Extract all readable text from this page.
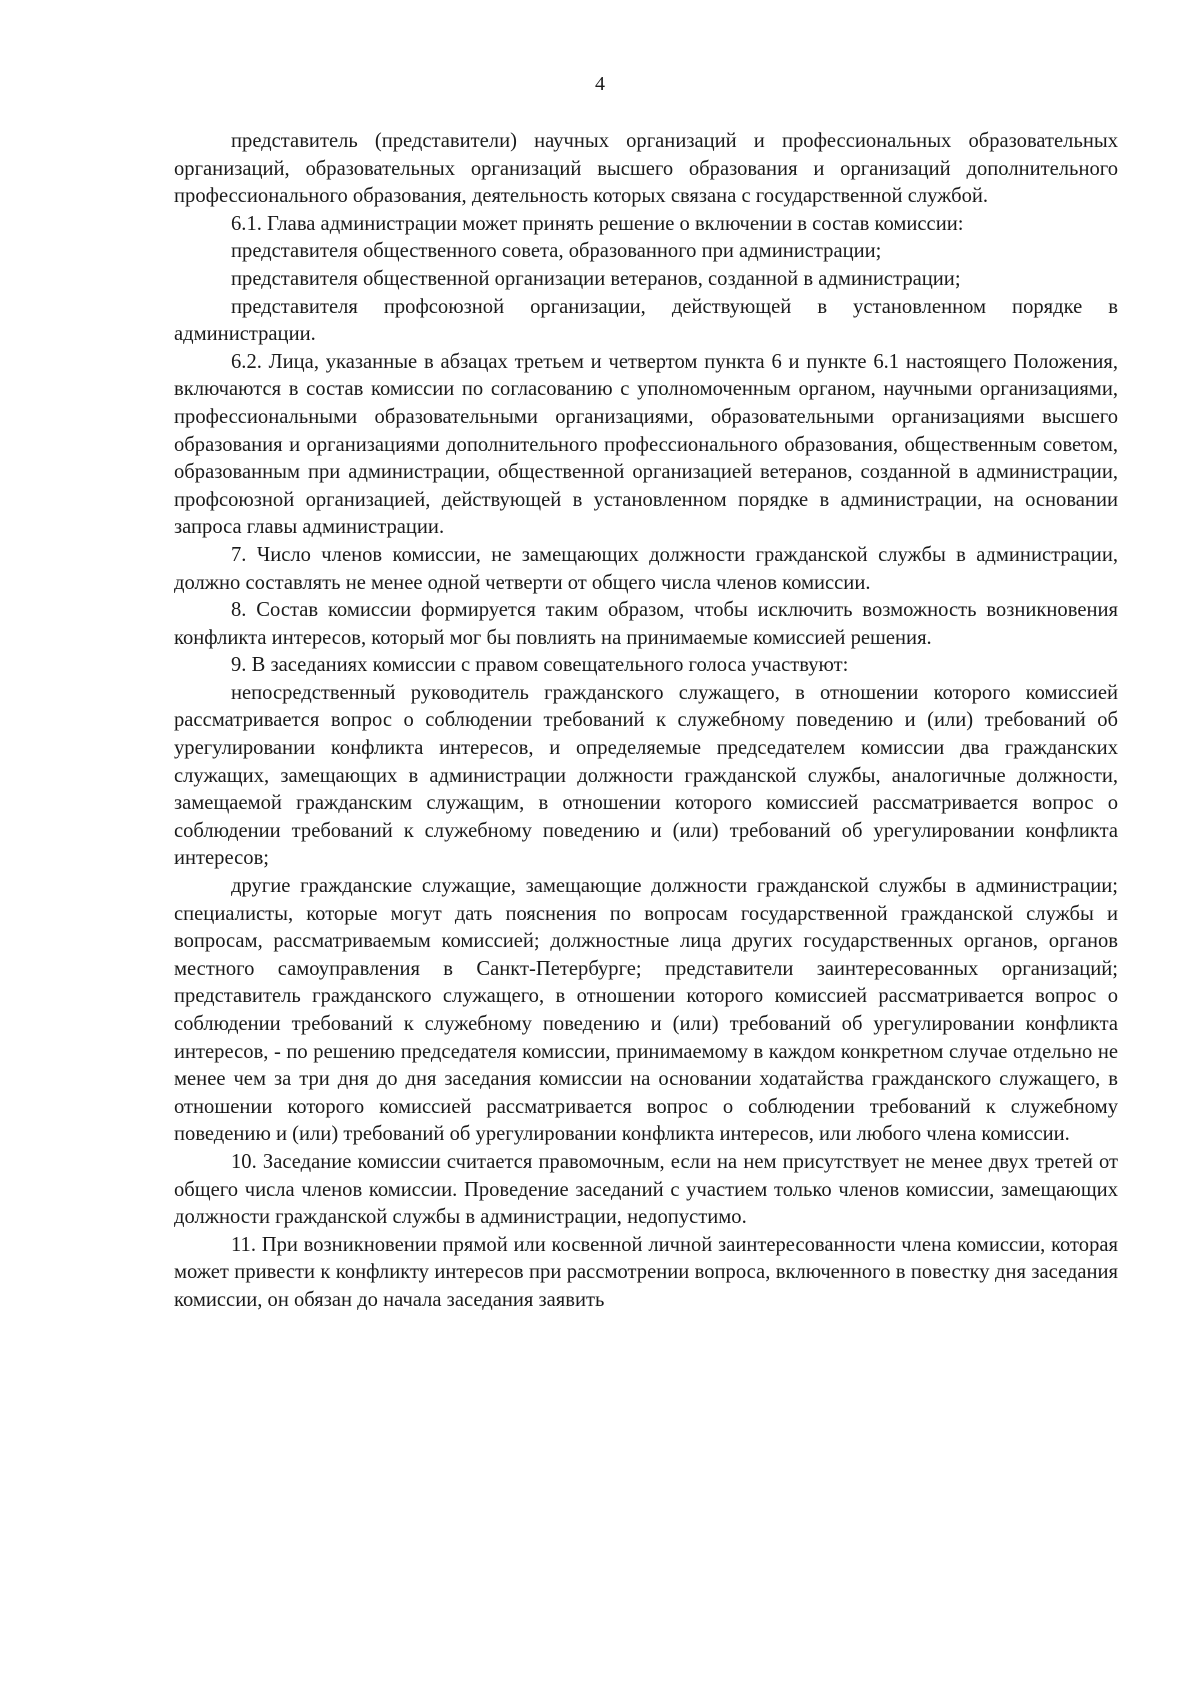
4

представитель (представители) научных организаций и профессиональных образовательных организаций, образовательных организаций высшего образования и организаций дополнительного профессионального образования, деятельность которых связана с государственной службой.

6.1. Глава администрации может принять решение о включении в состав комиссии:

представителя общественного совета, образованного при администрации;

представителя общественной организации ветеранов, созданной в администрации;

представителя профсоюзной организации, действующей в установленном порядке в администрации.

6.2. Лица, указанные в абзацах третьем и четвертом пункта 6 и пункте 6.1 настоящего Положения, включаются в состав комиссии по согласованию с уполномоченным органом, научными организациями, профессиональными образовательными организациями, образовательными организациями высшего образования и организациями дополнительного профессионального образования, общественным советом, образованным при администрации, общественной организацией ветеранов, созданной в администрации, профсоюзной организацией, действующей в установленном порядке в администрации, на основании запроса главы администрации.

7. Число членов комиссии, не замещающих должности гражданской службы в администрации, должно составлять не менее одной четверти от общего числа членов комиссии.

8. Состав комиссии формируется таким образом, чтобы исключить возможность возникновения конфликта интересов, который мог бы повлиять на принимаемые комиссией решения.

9. В заседаниях комиссии с правом совещательного голоса участвуют:

непосредственный руководитель гражданского служащего, в отношении которого комиссией рассматривается вопрос о соблюдении требований к служебному поведению и (или) требований об урегулировании конфликта интересов, и определяемые председателем комиссии два гражданских служащих, замещающих в администрации должности гражданской службы, аналогичные должности, замещаемой гражданским служащим, в отношении которого комиссией рассматривается вопрос о соблюдении требований к служебному поведению и (или) требований об урегулировании конфликта интересов;

другие гражданские служащие, замещающие должности гражданской службы в администрации; специалисты, которые могут дать пояснения по вопросам государственной гражданской службы и вопросам, рассматриваемым комиссией; должностные лица других государственных органов, органов местного самоуправления в Санкт-Петербурге; представители заинтересованных организаций; представитель гражданского служащего, в отношении которого комиссией рассматривается вопрос о соблюдении требований к служебному поведению и (или) требований об урегулировании конфликта интересов, - по решению председателя комиссии, принимаемому в каждом конкретном случае отдельно не менее чем за три дня до дня заседания комиссии на основании ходатайства гражданского служащего, в отношении которого комиссией рассматривается вопрос о соблюдении требований к служебному поведению и (или) требований об урегулировании конфликта интересов, или любого члена комиссии.

10. Заседание комиссии считается правомочным, если на нем присутствует не менее двух третей от общего числа членов комиссии. Проведение заседаний с участием только членов комиссии, замещающих должности гражданской службы в администрации, недопустимо.

11. При возникновении прямой или косвенной личной заинтересованности члена комиссии, которая может привести к конфликту интересов при рассмотрении вопроса, включенного в повестку дня заседания комиссии, он обязан до начала заседания заявить
